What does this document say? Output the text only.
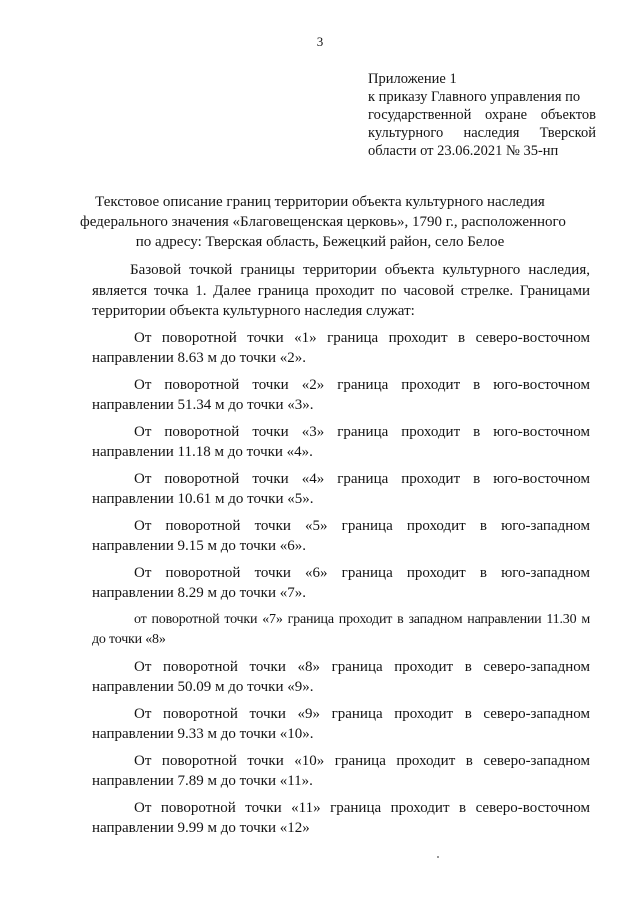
3
Приложение 1
к приказу Главного управления по
государственной охране объектов
культурного наследия Тверской
области от 23.06.2021 № 35-нп
Текстовое описание границ территории объекта культурного наследия
федерального значения «Благовещенская церковь», 1790 г., расположенного
по адресу: Тверская область, Бежецкий район, село Белое

Базовой точкой границы территории объекта культурного наследия, является точка 1. Далее граница проходит по часовой стрелке. Границами территории объекта культурного наследия служат:

От поворотной точки «1» граница проходит в северо-восточном направлении 8.63 м до точки «2».

От поворотной точки «2» граница проходит в юго-восточном направлении 51.34 м до точки «3».

От поворотной точки «3» граница проходит в юго-восточном направлении 11.18 м до точки «4».

От поворотной точки «4» граница проходит в юго-восточном направлении 10.61 м до точки «5».

От поворотной точки «5» граница проходит в юго-западном направлении 9.15 м до точки «6».

От поворотной точки «6» граница проходит в юго-западном направлении 8.29 м до точки «7».

от поворотной точки «7» граница проходит в западном направлении 11.30 м до точки «8»

От поворотной точки «8» граница проходит в северо-западном направлении 50.09 м до точки «9».

От поворотной точки «9» граница проходит в северо-западном направлении 9.33 м до точки «10».

От поворотной точки «10» граница проходит в северо-западном направлении 7.89 м до точки «11».

От поворотной точки «11» граница проходит в северо-восточном направлении 9.99 м до точки «12»
